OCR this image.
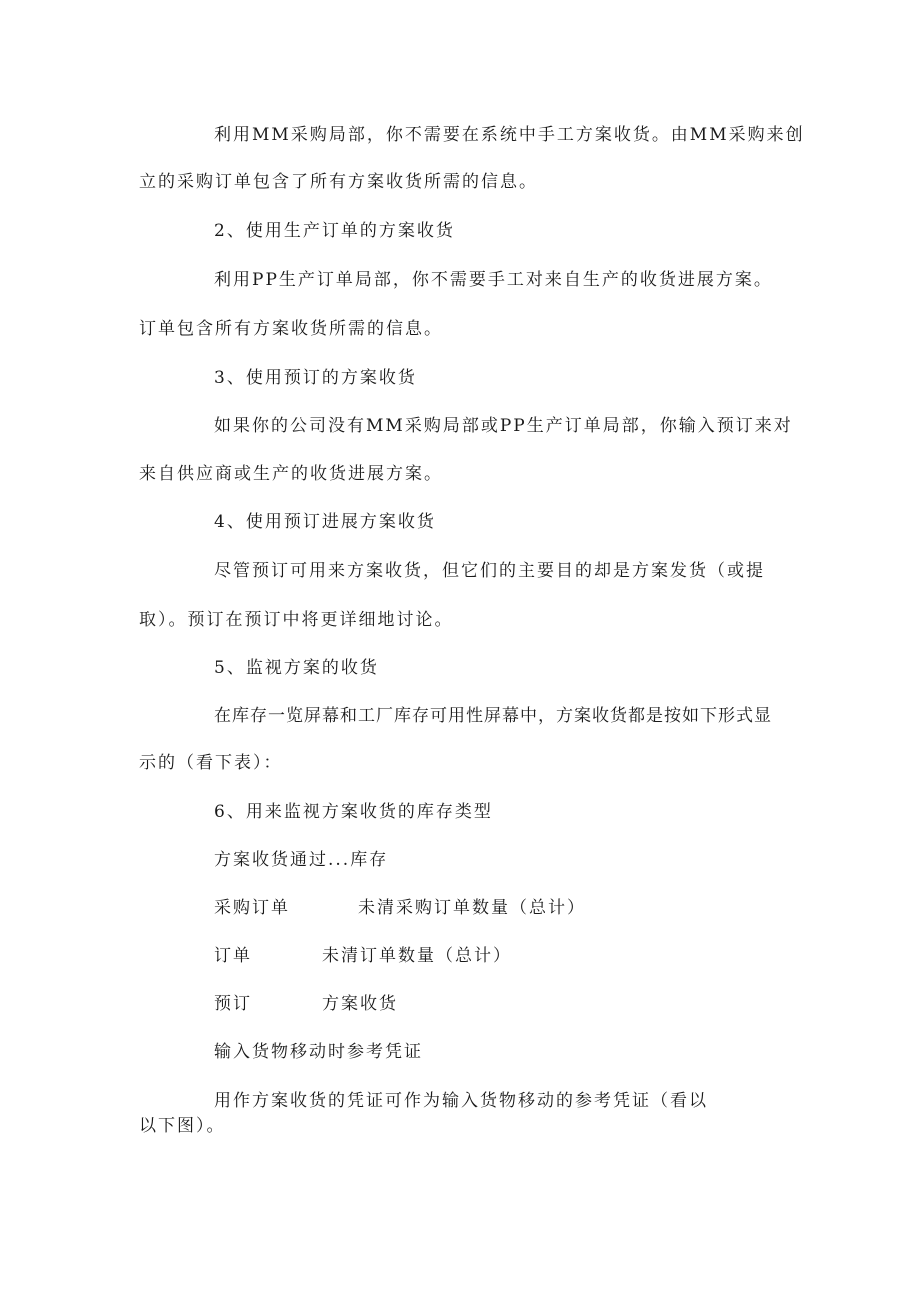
利用MM采购局部，你不需要在系统中手工方案收货。由MM采购来创
立的采购订单包含了所有方案收货所需的信息。
2、使用生产订单的方案收货
利用PP生产订单局部，你不需要手工对来自生产的收货进展方案。
订单包含所有方案收货所需的信息。
3、使用预订的方案收货
如果你的公司没有MM采购局部或PP生产订单局部，你输入预订来对
来自供应商或生产的收货进展方案。
4、使用预订进展方案收货
尽管预订可用来方案收货，但它们的主要目的却是方案发货（或提
取）。预订在预订中将更详细地讨论。
5、监视方案的收货
在库存一览屏幕和工厂库存可用性屏幕中，方案收货都是按如下形式显
示的（看下表）：
6、用来监视方案收货的库存类型
方案收货通过...库存
采购订单	未清采购订单数量（总计）
订单	未清订单数量（总计）
预订	方案收货
输入货物移动时参考凭证
用作方案收货的凭证可作为输入货物移动的参考凭证（看以
以下图）。
